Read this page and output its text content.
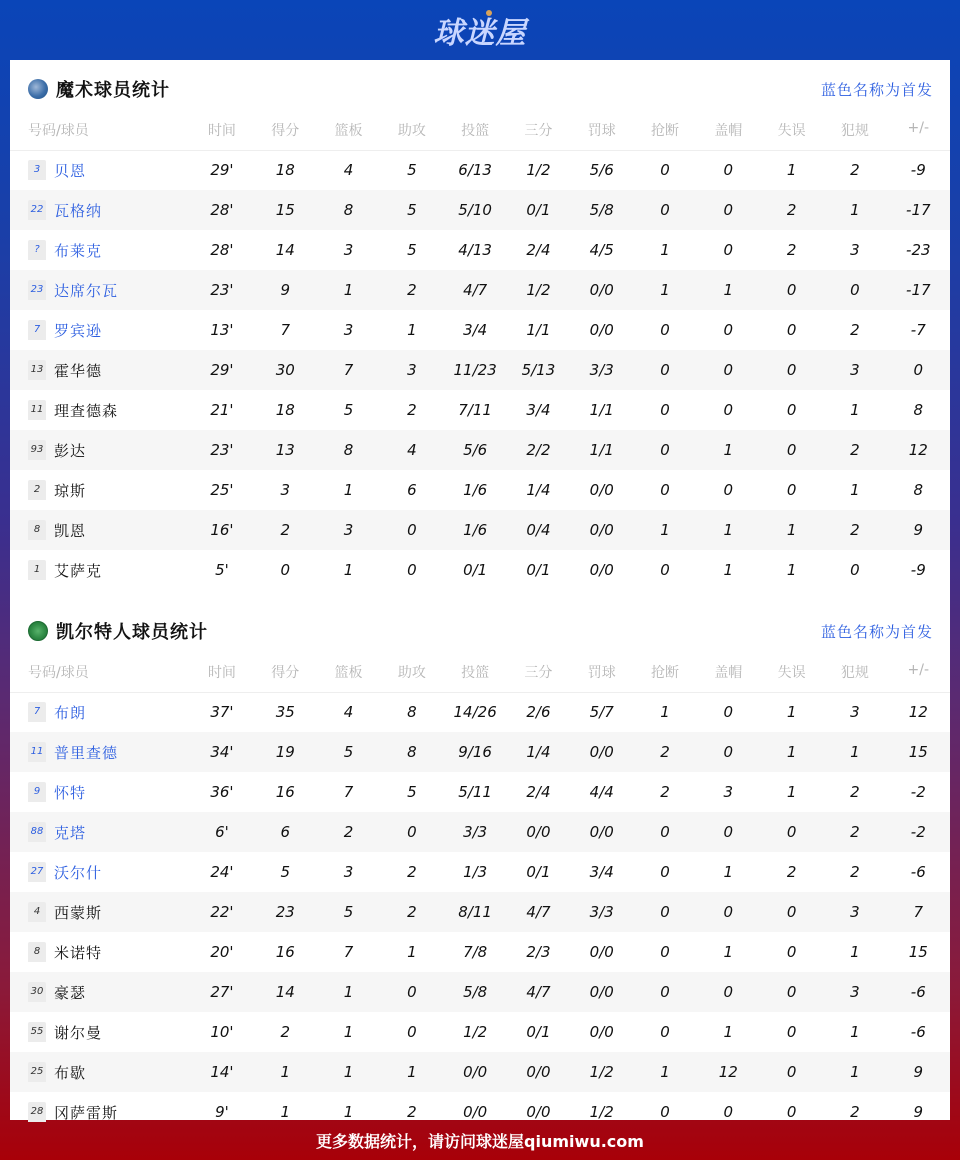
球迷屋
魔术球员统计	蓝色名称为首发
号码/球员	时间	得分	篮板	助攻	投篮	三分	罚球	抢断	盖帽	失误	犯规	+/-
3 贝恩	29'	18	4	5	6/13	1/2	5/6	0	0	1	2	-9
22 瓦格纳	28'	15	8	5	5/10	0/1	5/8	0	0	2	1	-17
? 布莱克	28'	14	3	5	4/13	2/4	4/5	1	0	2	3	-23
23 达席尔瓦	23'	9	1	2	4/7	1/2	0/0	1	1	0	0	-17
7 罗宾逊	13'	7	3	1	3/4	1/1	0/0	0	0	0	2	-7
13 霍华德	29'	30	7	3	11/23	5/13	3/3	0	0	0	3	0
11 理查德森	21'	18	5	2	7/11	3/4	1/1	0	0	0	1	8
93 彭达	23'	13	8	4	5/6	2/2	1/1	0	1	0	2	12
2 琼斯	25'	3	1	6	1/6	1/4	0/0	0	0	0	1	8
8 凯恩	16'	2	3	0	1/6	0/4	0/0	1	1	1	2	9
1 艾萨克	5'	0	1	0	0/1	0/1	0/0	0	1	1	0	-9
凯尔特人球员统计	蓝色名称为首发
号码/球员	时间	得分	篮板	助攻	投篮	三分	罚球	抢断	盖帽	失误	犯规	+/-
7 布朗	37'	35	4	8	14/26	2/6	5/7	1	0	1	3	12
11 普里查德	34'	19	5	8	9/16	1/4	0/0	2	0	1	1	15
9 怀特	36'	16	7	5	5/11	2/4	4/4	2	3	1	2	-2
88 克塔	6'	6	2	0	3/3	0/0	0/0	0	0	0	2	-2
27 沃尔什	24'	5	3	2	1/3	0/1	3/4	0	1	2	2	-6
4 西蒙斯	22'	23	5	2	8/11	4/7	3/3	0	0	0	3	7
8 米诺特	20'	16	7	1	7/8	2/3	0/0	0	1	0	1	15
30 豪瑟	27'	14	1	0	5/8	4/7	0/0	0	0	0	3	-6
55 谢尔曼	10'	2	1	0	1/2	0/1	0/0	0	1	0	1	-6
25 布歇	14'	1	1	1	0/0	0/0	1/2	1	12	0	1	9
28 冈萨雷斯	9'	1	1	2	0/0	0/0	1/2	0	0	0	2	9
更多数据统计，请访问球迷屋qiumiwu.com
